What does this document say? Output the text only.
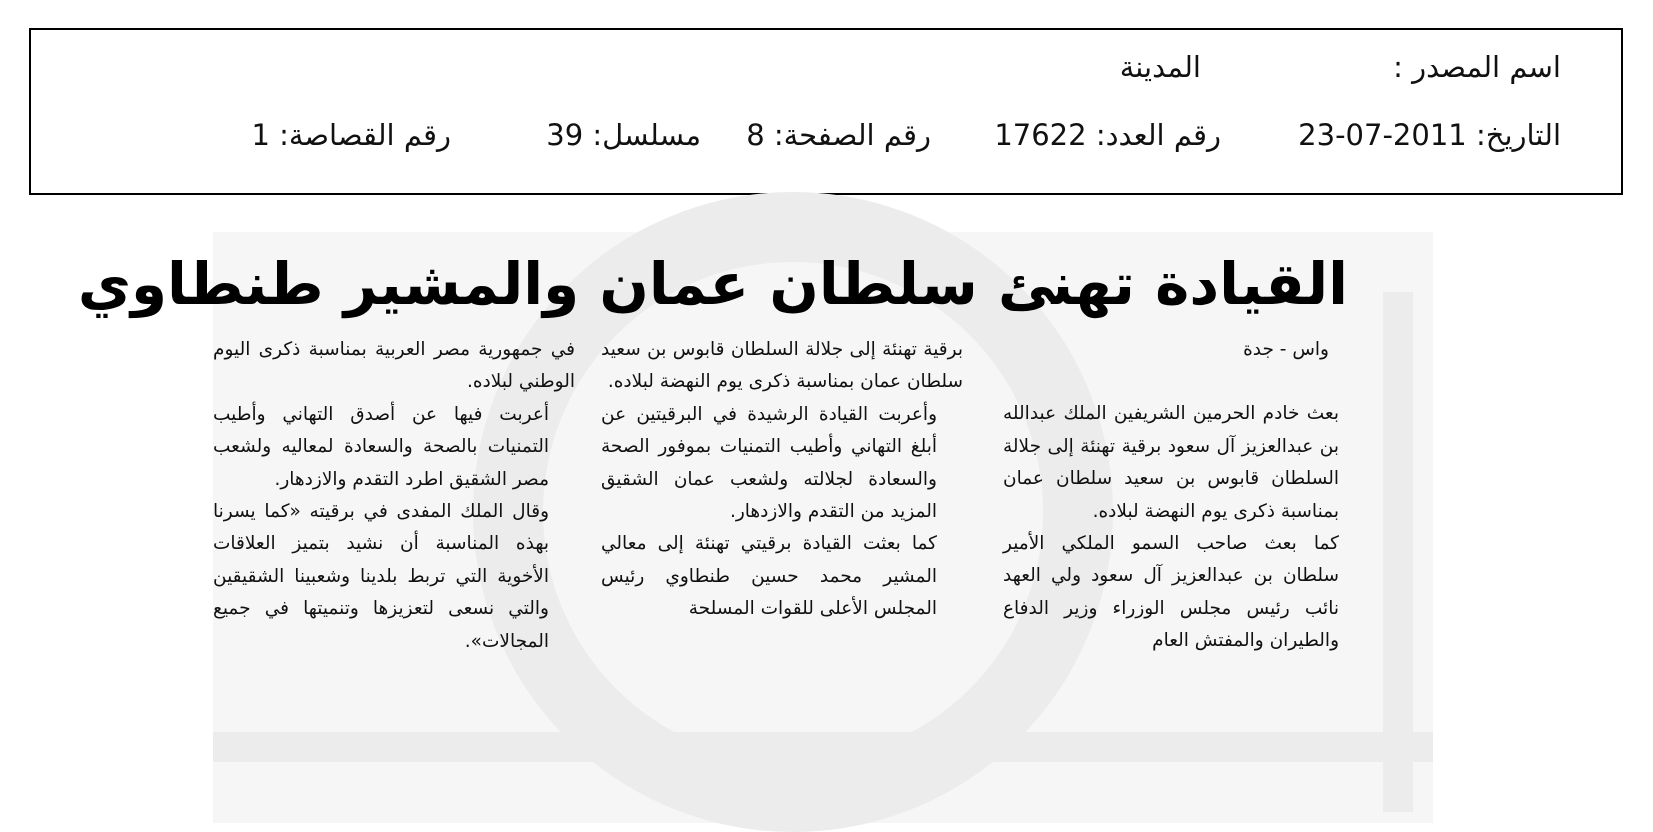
اسم المصدر :
المدينة
التاريخ: 2011-07-23
رقم العدد: 17622
رقم الصفحة: 8
مسلسل: 39
رقم القصاصة: 1
القيادة تهنئ سلطان عمان والمشير طنطاوي
واس - جدة

بعث خادم الحرمين الشريفين الملك عبدالله بن عبدالعزيز آل سعود برقية تهنئة إلى جلالة السلطان قابوس بن سعيد سلطان عمان بمناسبة ذكرى يوم النهضة لبلاده.

كما بعث صاحب السمو الملكي الأمير سلطان بن عبدالعزيز آل سعود ولي العهد نائب رئيس مجلس الوزراء وزير الدفاع والطيران والمفتش العام

برقية تهنئة إلى جلالة السلطان قابوس بن سعيد سلطان عمان بمناسبة ذكرى يوم النهضة لبلاده.

وأعربت القيادة الرشيدة في البرقيتين عن أبلغ التهاني وأطيب التمنيات بموفور الصحة والسعادة لجلالته ولشعب عمان الشقيق المزيد من التقدم والازدهار.

كما بعثت القيادة برقيتي تهنئة إلى معالي المشير محمد حسين طنطاوي رئيس المجلس الأعلى للقوات المسلحة

في جمهورية مصر العربية بمناسبة ذكرى اليوم الوطني لبلاده.

أعربت فيها عن أصدق التهاني وأطيب التمنيات بالصحة والسعادة لمعاليه ولشعب مصر الشقيق اطرد التقدم والازدهار.

وقال الملك المفدى في برقيته «كما يسرنا بهذه المناسبة أن نشيد بتميز العلاقات الأخوية التي تربط بلدينا وشعبينا الشقيقين والتي نسعى لتعزيزها وتنميتها في جميع المجالات».
